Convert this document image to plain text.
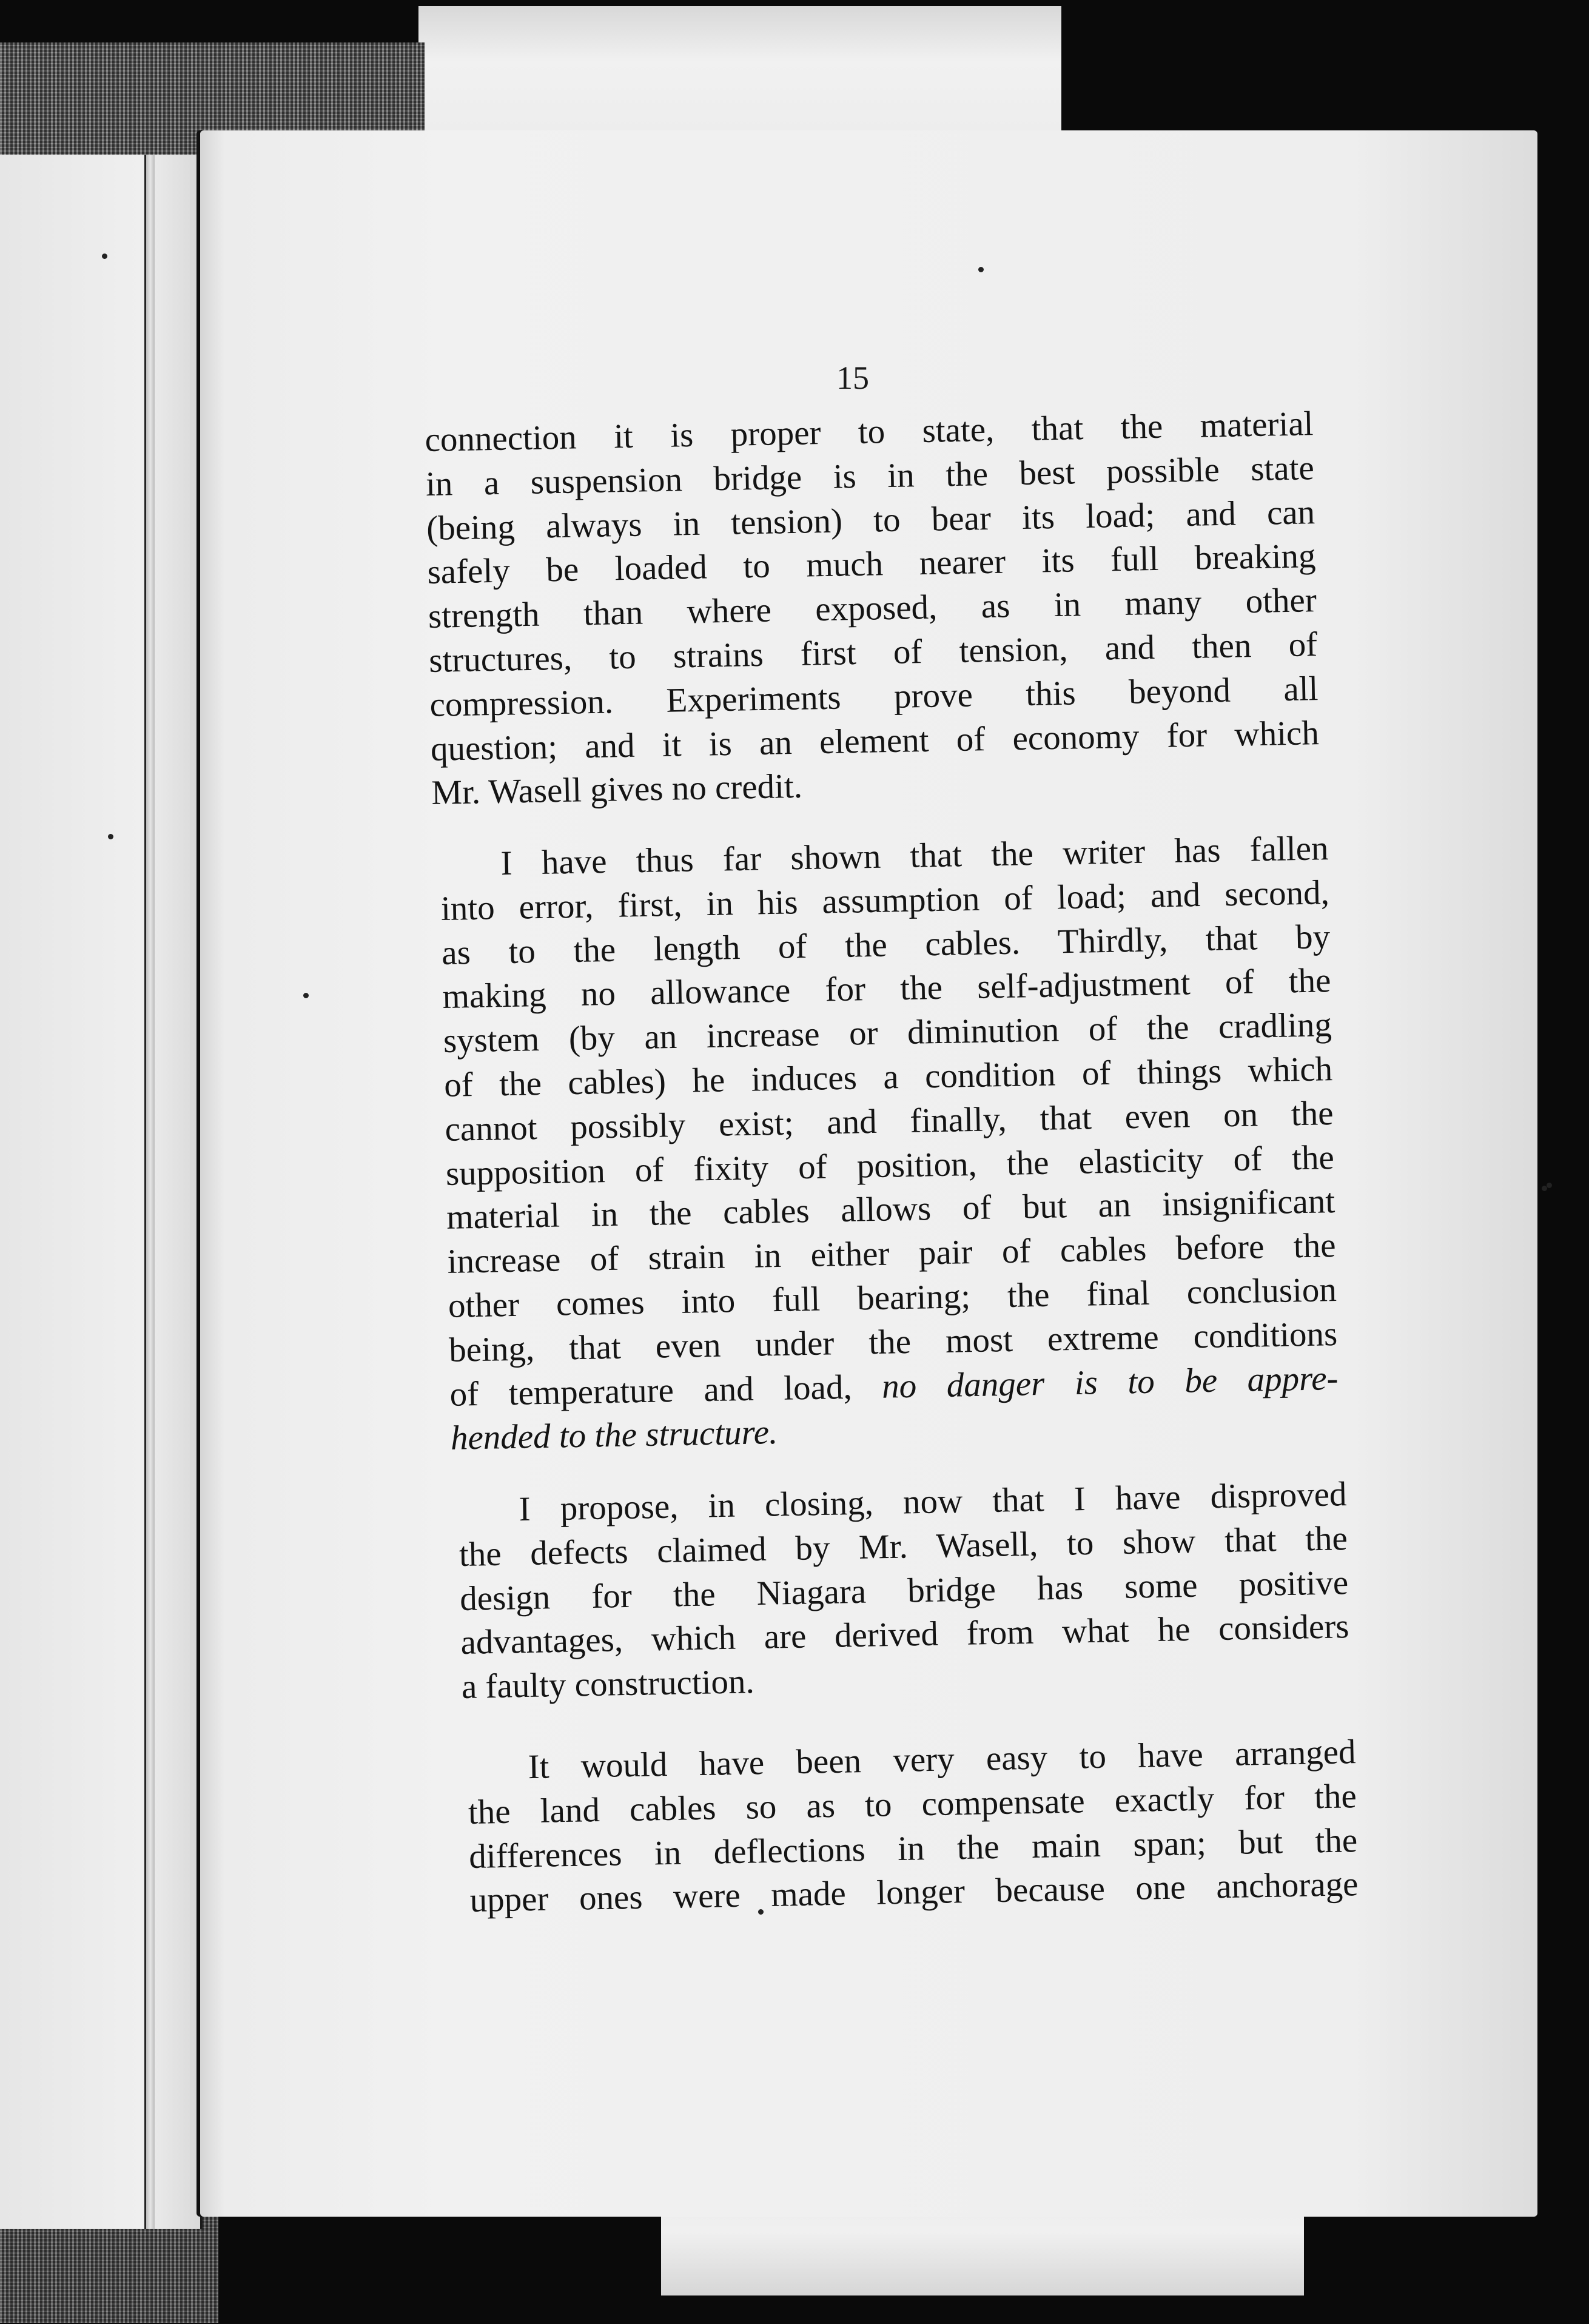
15

connection it is proper to state, that the material
in a suspension bridge is in the best possible state
(being always in tension) to bear its load; and can
safely be loaded to much nearer its full breaking
strength than where exposed, as in many other
structures, to strains first of tension, and then of
compression. Experiments prove this beyond all
question; and it is an element of economy for which
Mr. Wasell gives no credit.
I have thus far shown that the writer has fallen
into error, first, in his assumption of load; and second,
as to the length of the cables. Thirdly, that by
making no allowance for the self-adjustment of the
system (by an increase or diminution of the cradling
of the cables) he induces a condition of things which
cannot possibly exist; and finally, that even on the
supposition of fixity of position, the elasticity of the
material in the cables allows of but an insignificant
increase of strain in either pair of cables before the
other comes into full bearing; the final conclusion
being, that even under the most extreme conditions
of temperature and load, no danger is to be appre-
hended to the structure.
I propose, in closing, now that I have disproved
the defects claimed by Mr. Wasell, to show that the
design for the Niagara bridge has some positive
advantages, which are derived from what he considers
a faulty construction.
It would have been very easy to have arranged
the land cables so as to compensate exactly for the
differences in deflections in the main span; but the
upper ones were made longer because one anchorage
